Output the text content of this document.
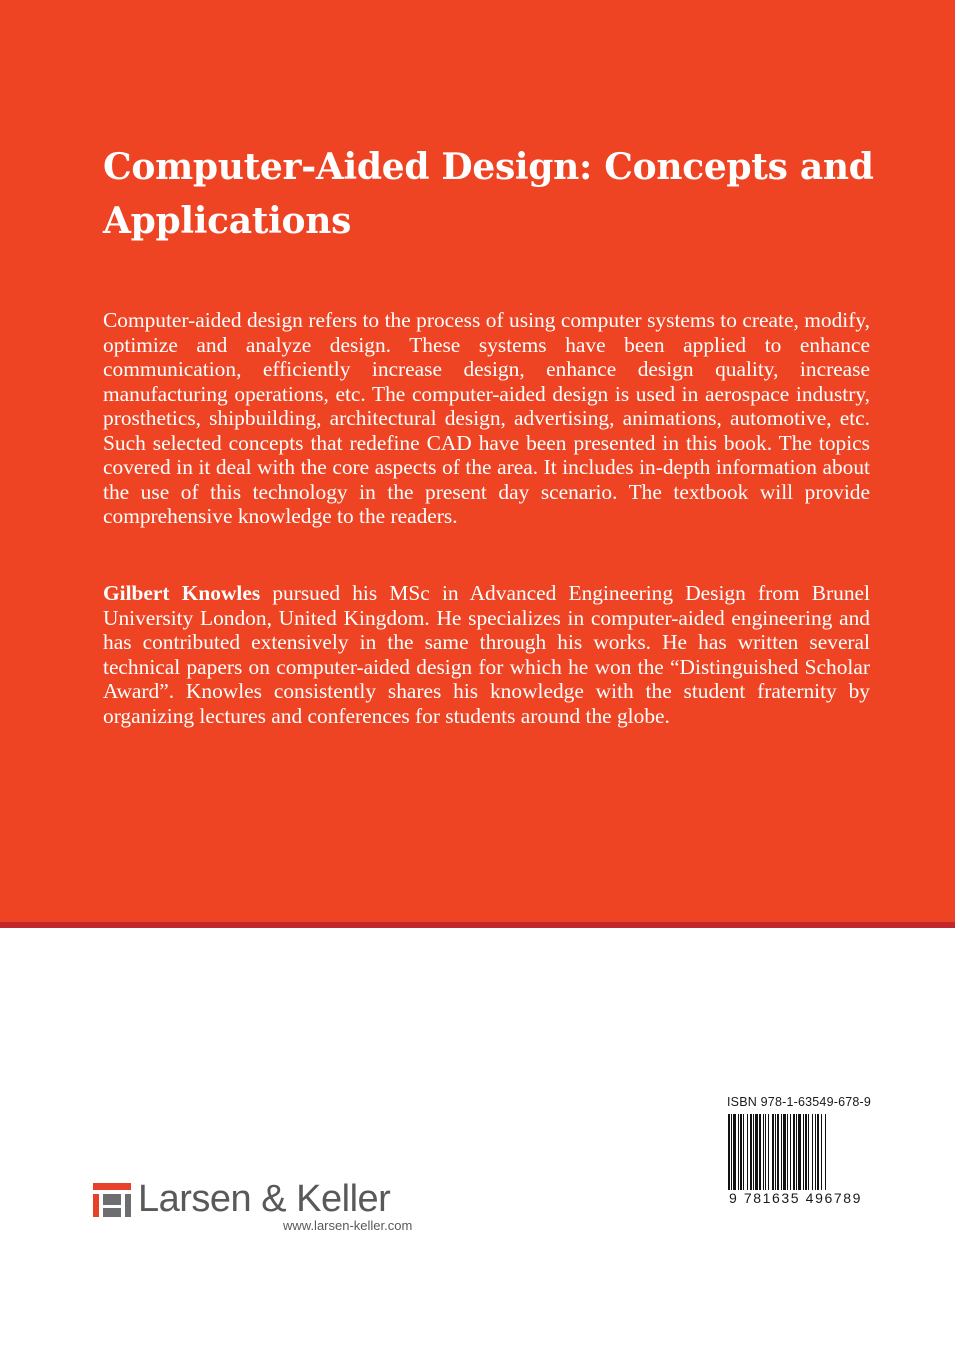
Computer-Aided Design: Concepts and Applications

Computer-aided design refers to the process of using computer systems to create, modify, optimize and analyze design. These systems have been applied to enhance communication, efficiently increase design, enhance design quality, increase manufacturing operations, etc. The computer-aided design is used in aerospace industry, prosthetics, shipbuilding, architectural design, advertising, animations, automotive, etc. Such selected concepts that redefine CAD have been presented in this book. The topics covered in it deal with the core aspects of the area. It includes in-depth information about the use of this technology in the present day scenario. The textbook will provide comprehensive knowledge to the readers.

Gilbert Knowles pursued his MSc in Advanced Engineering Design from Brunel University London, United Kingdom. He specializes in computer-aided engineering and has contributed extensively in the same through his works. He has written several technical papers on computer-aided design for which he won the “Distinguished Scholar Award”. Knowles consistently shares his knowledge with the student fraternity by organizing lectures and conferences for students around the globe.

ISBN 978-1-63549-678-9
9 781635 496789
Larsen & Keller
www.larsen-keller.com
